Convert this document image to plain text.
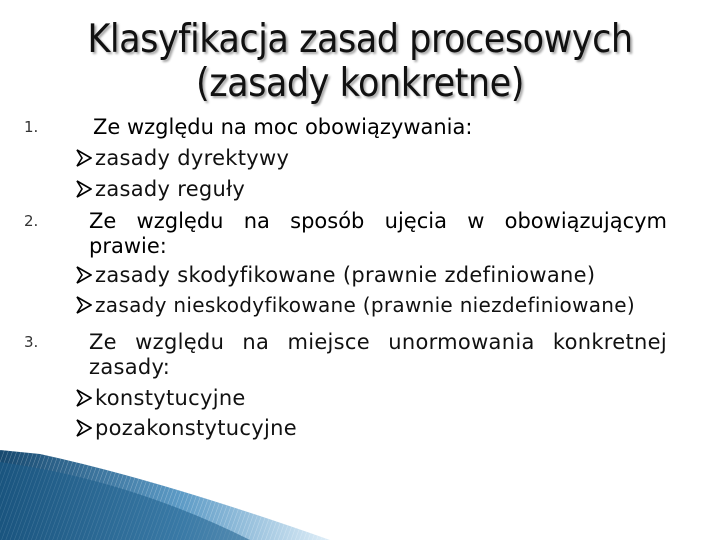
Klasyfikacja zasad procesowych
(zasady konkretne)
1.	Ze względu na moc obowiązywania:
zasady dyrektywy
zasady reguły
2. Ze względu na sposób ujęcia w obowiązującym
prawie:
zasady skodyfikowane (prawnie zdefiniowane)
zasady nieskodyfikowane (prawnie niezdefiniowane)
3. Ze względu na miejsce unormowania konkretnej
zasady:
konstytucyjne
pozakonstytucyjne
